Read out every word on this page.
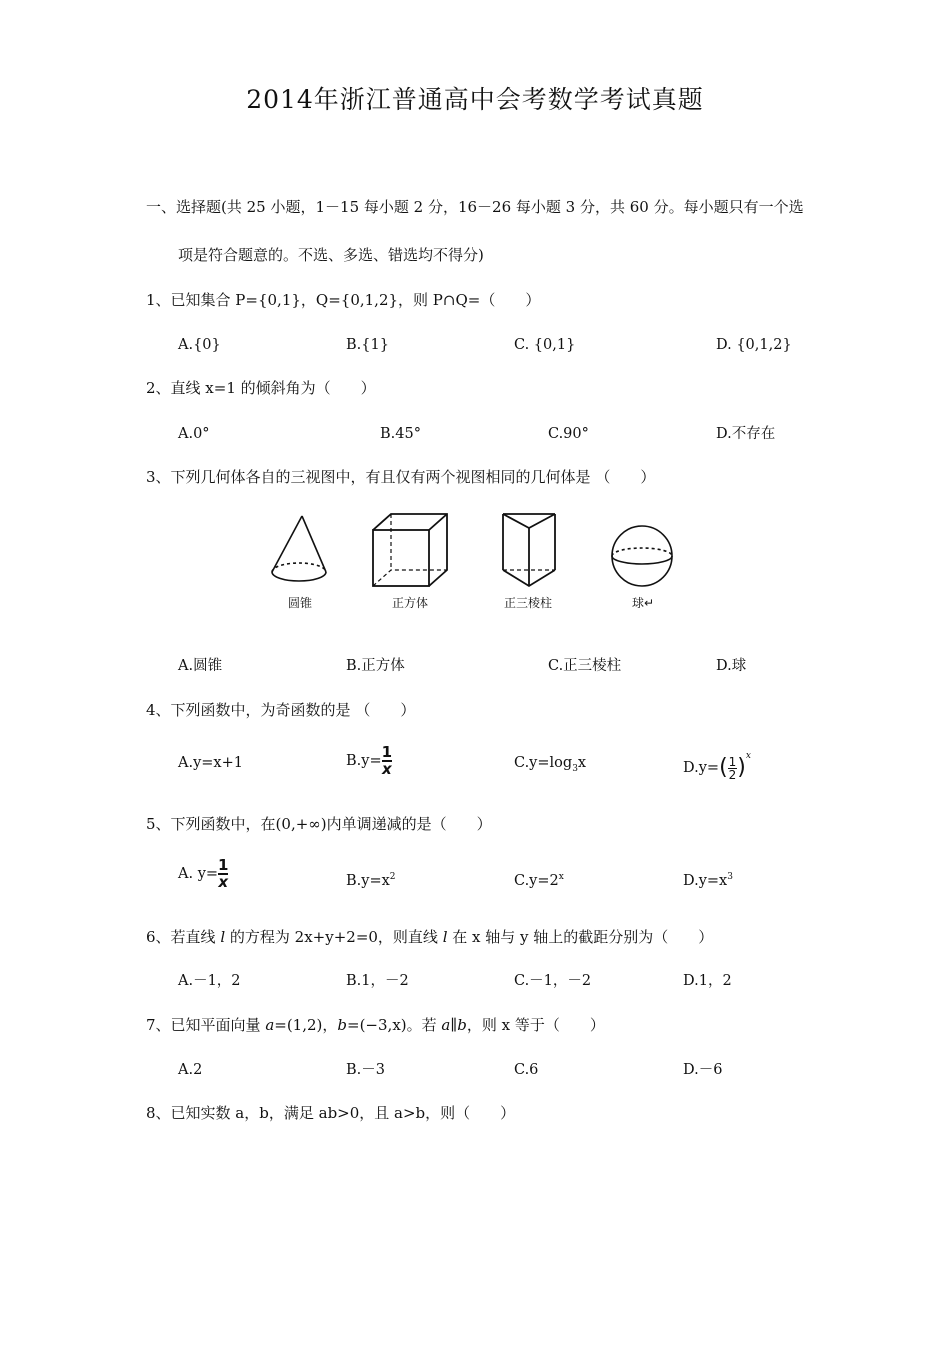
2014年浙江普通高中会考数学考试真题
一、选择题(共 25 小题，1－15 每小题 2 分，16－26 每小题 3 分，共 60 分。每小题只有一个选
项是符合题意的。不选、多选、错选均不得分)
1、已知集合 P={0,1}，Q={0,1,2}，则 P∩Q=（　　）
A.{0}	B.{1}	C. {0,1}	D. {0,1,2}
2、直线 x=1 的倾斜角为（　　）
A.0°	B.45°	C.90°	D.不存在
3、下列几何体各自的三视图中，有且仅有两个视图相同的几何体是 （　　）
圆锥	正方体	正三棱柱	球↵
A.圆锥	B.正方体	C.正三棱柱	D.球
4、下列函数中，为奇函数的是 （　　）
A.y=x+1	$B.y= \frac{1}{x}$	$C.y=\log_3x$	$D.y=( \frac{1}{2} )^x$
5、下列函数中，在(0,+∞)内单调递减的是（　　）
A. $y= \frac{1}{x}$	$B.y=x^2$	$C.y=2^x$	$D.y=x^3$
6、若直线 l 的方程为 2x+y+2=0，则直线 l 在 x 轴与 y 轴上的截距分别为（　　）
A.－1，2	B.1，－2	C.－1，－2	D.1，2
7、已知平面向量 a=(1,2)，b=(−3,x)。若 a∥b，则 x 等于（　　）
A.2	B.－3	C.6	D.－6
8、已知实数 a，b，满足 ab>0，且 a>b，则（　　）
